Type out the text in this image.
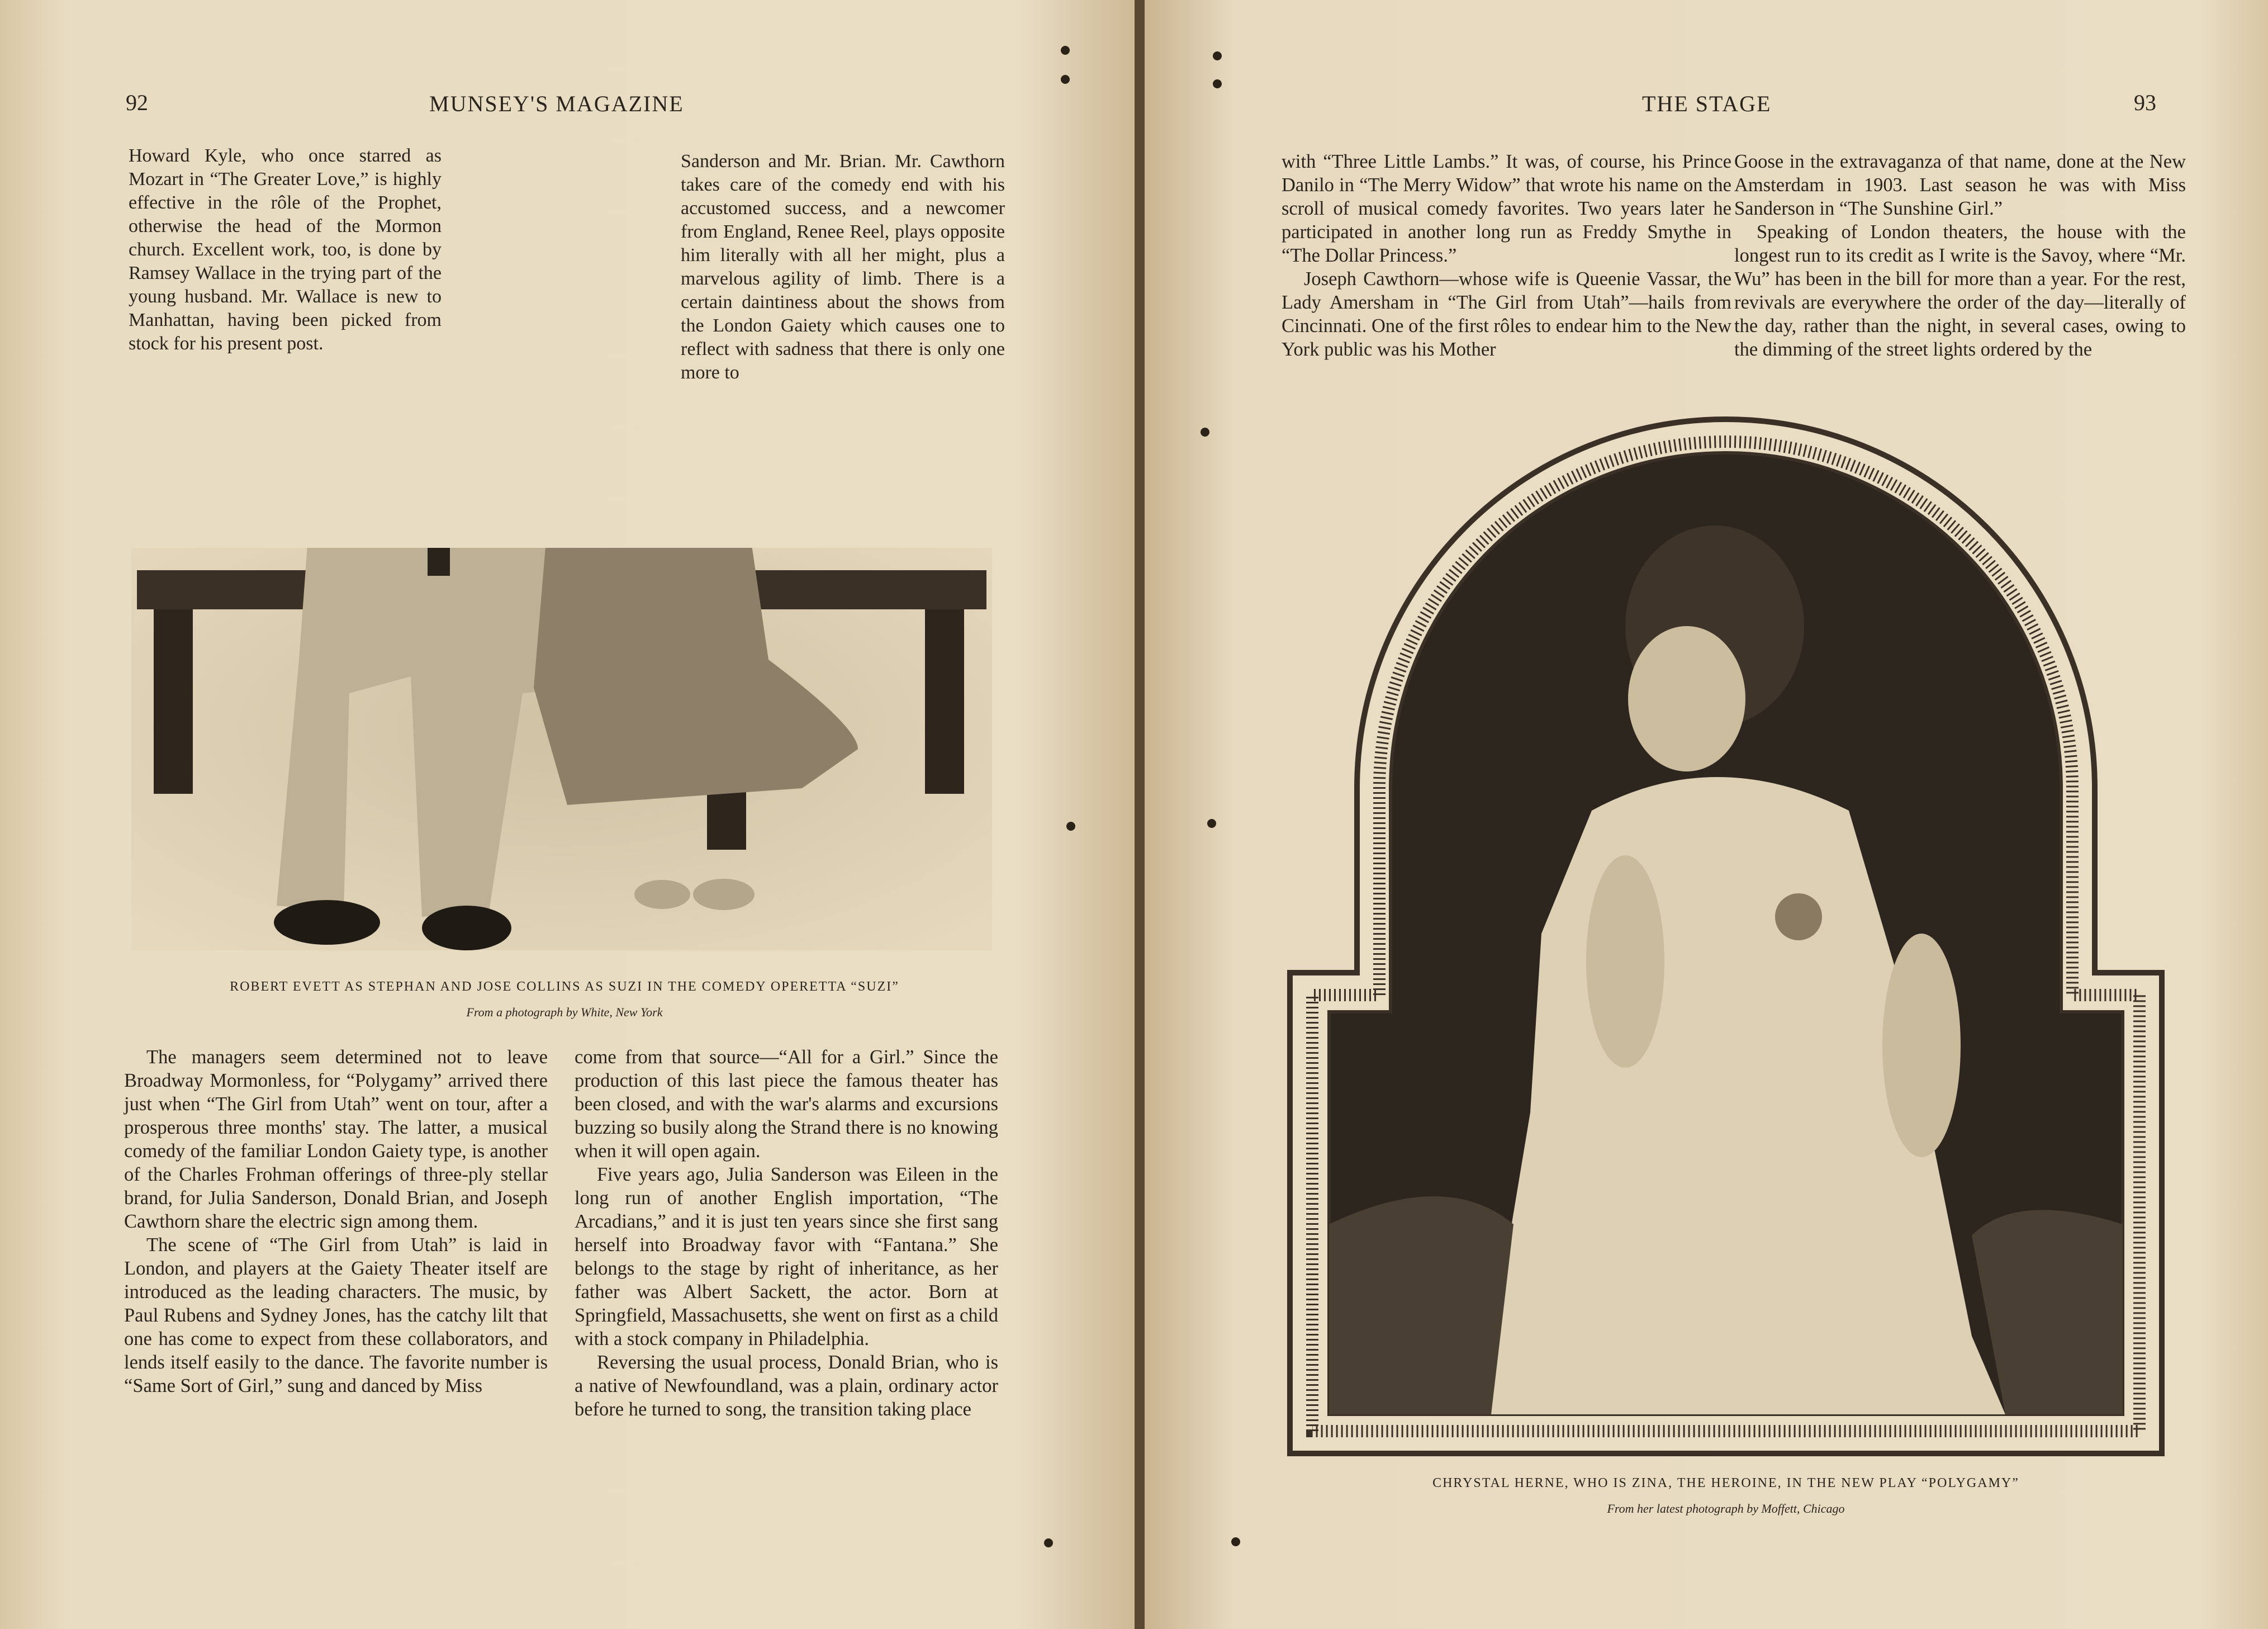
92	MUNSEY'S MAGAZINE

Howard Kyle, who once starred as Mozart in “The Greater Love,” is highly effective in the rôle of the Prophet, otherwise the head of the Mormon church. Excellent work, too, is done by Ramsey Wallace in the trying part of the young husband. Mr. Wallace is new to Manhattan, having been picked from stock for his present post.

Sanderson and Mr. Brian. Mr. Cawthorn takes care of the comedy end with his accustomed success, and a newcomer from England, Renee Reel, plays opposite him literally with all her might, plus a marvelous agility of limb. There is a certain daintiness about the shows from the London Gaiety which causes one to reflect with sadness that there is only one more to

ROBERT EVETT AS STEPHAN AND JOSE COLLINS AS SUZI IN THE COMEDY OPERETTA “SUZI”
From a photograph by White, New York

The managers seem determined not to leave Broadway Mormonless, for “Polygamy” arrived there just when “The Girl from Utah” went on tour, after a prosperous three months' stay. The latter, a musical comedy of the familiar London Gaiety type, is another of the Charles Frohman offerings of three-ply stellar brand, for Julia Sanderson, Donald Brian, and Joseph Cawthorn share the electric sign among them.

The scene of “The Girl from Utah” is laid in London, and players at the Gaiety Theater itself are introduced as the leading characters. The music, by Paul Rubens and Sydney Jones, has the catchy lilt that one has come to expect from these collaborators, and lends itself easily to the dance. The favorite number is “Same Sort of Girl,” sung and danced by Miss

come from that source—“All for a Girl.” Since the production of this last piece the famous theater has been closed, and with the war's alarms and excursions buzzing so busily along the Strand there is no knowing when it will open again.

Five years ago, Julia Sanderson was Eileen in the long run of another English importation, “The Arcadians,” and it is just ten years since she first sang herself into Broadway favor with “Fantana.” She belongs to the stage by right of inheritance, as her father was Albert Sackett, the actor. Born at Springfield, Massachusetts, she went on first as a child with a stock company in Philadelphia.

Reversing the usual process, Donald Brian, who is a native of Newfoundland, was a plain, ordinary actor before he turned to song, the transition taking place

THE STAGE	93

with “Three Little Lambs.” It was, of course, his Prince Danilo in “The Merry Widow” that wrote his name on the scroll of musical comedy favorites. Two years later he participated in another long run as Freddy Smythe in “The Dollar Princess.”

Joseph Cawthorn—whose wife is Queenie Vassar, the Lady Amersham in “The Girl from Utah”—hails from Cincinnati. One of the first rôles to endear him to the New York public was his Mother

Goose in the extravaganza of that name, done at the New Amsterdam in 1903. Last season he was with Miss Sanderson in “The Sunshine Girl.”

Speaking of London theaters, the house with the longest run to its credit as I write is the Savoy, where “Mr. Wu” has been in the bill for more than a year. For the rest, revivals are everywhere the order of the day—literally of the day, rather than the night, in several cases, owing to the dimming of the street lights ordered by the

CHRYSTAL HERNE, WHO IS ZINA, THE HEROINE, IN THE NEW PLAY “POLYGAMY”
From her latest photograph by Moffett, Chicago
